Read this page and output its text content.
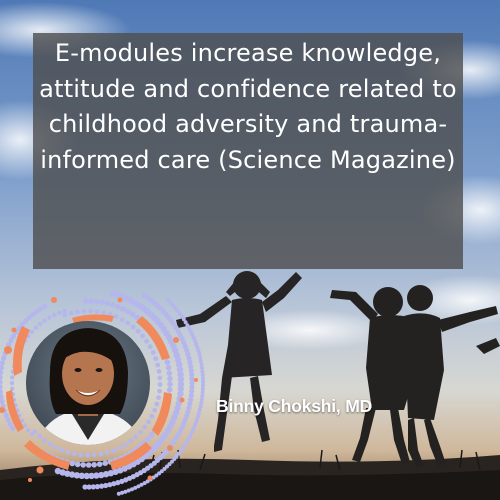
E-modules increase knowledge, attitude and confidence related to childhood adversity and trauma-informed care (Science Magazine)
Binny Chokshi, MD
